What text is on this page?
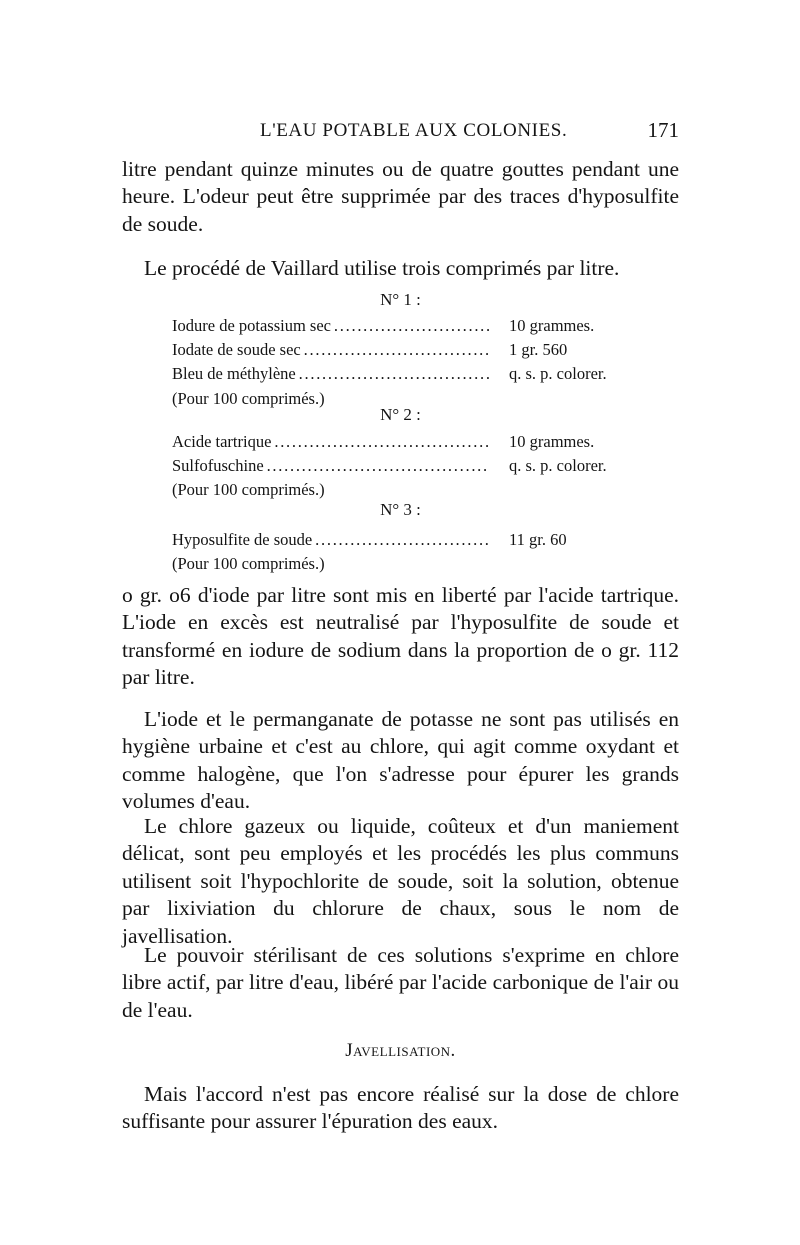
L'EAU POTABLE AUX COLONIES.	171
litre pendant quinze minutes ou de quatre gouttes pendant une heure. L'odeur peut être supprimée par des traces d'hyposulfite de soude.
Le procédé de Vaillard utilise trois comprimés par litre.
N° 1 :
Iodure de potassium sec . . .	10 grammes.
Iodate de soude sec . . .	1 gr. 560
Bleu de méthylène . . .	q. s. p. colorer.
(Pour 100 comprimés.)
N° 2 :
Acide tartrique . . .	10 grammes.
Sulfofuschine . . .	q. s. p. colorer.
(Pour 100 comprimés.)
N° 3 :
Hyposulfite de soude . . .	11 gr. 60
(Pour 100 comprimés.)
o gr. o6 d'iode par litre sont mis en liberté par l'acide tartrique. L'iode en excès est neutralisé par l'hyposulfite de soude et transformé en iodure de sodium dans la proportion de o gr. 112 par litre.
L'iode et le permanganate de potasse ne sont pas utilisés en hygiène urbaine et c'est au chlore, qui agit comme oxydant et comme halogène, que l'on s'adresse pour épurer les grands volumes d'eau.
Le chlore gazeux ou liquide, coûteux et d'un maniement délicat, sont peu employés et les procédés les plus communs utilisent soit l'hypochlorite de soude, soit la solution, obtenue par lixiviation du chlorure de chaux, sous le nom de javellisation.
Le pouvoir stérilisant de ces solutions s'exprime en chlore libre actif, par litre d'eau, libéré par l'acide carbonique de l'air ou de l'eau.
Javellisation.
Mais l'accord n'est pas encore réalisé sur la dose de chlore suffisante pour assurer l'épuration des eaux.
